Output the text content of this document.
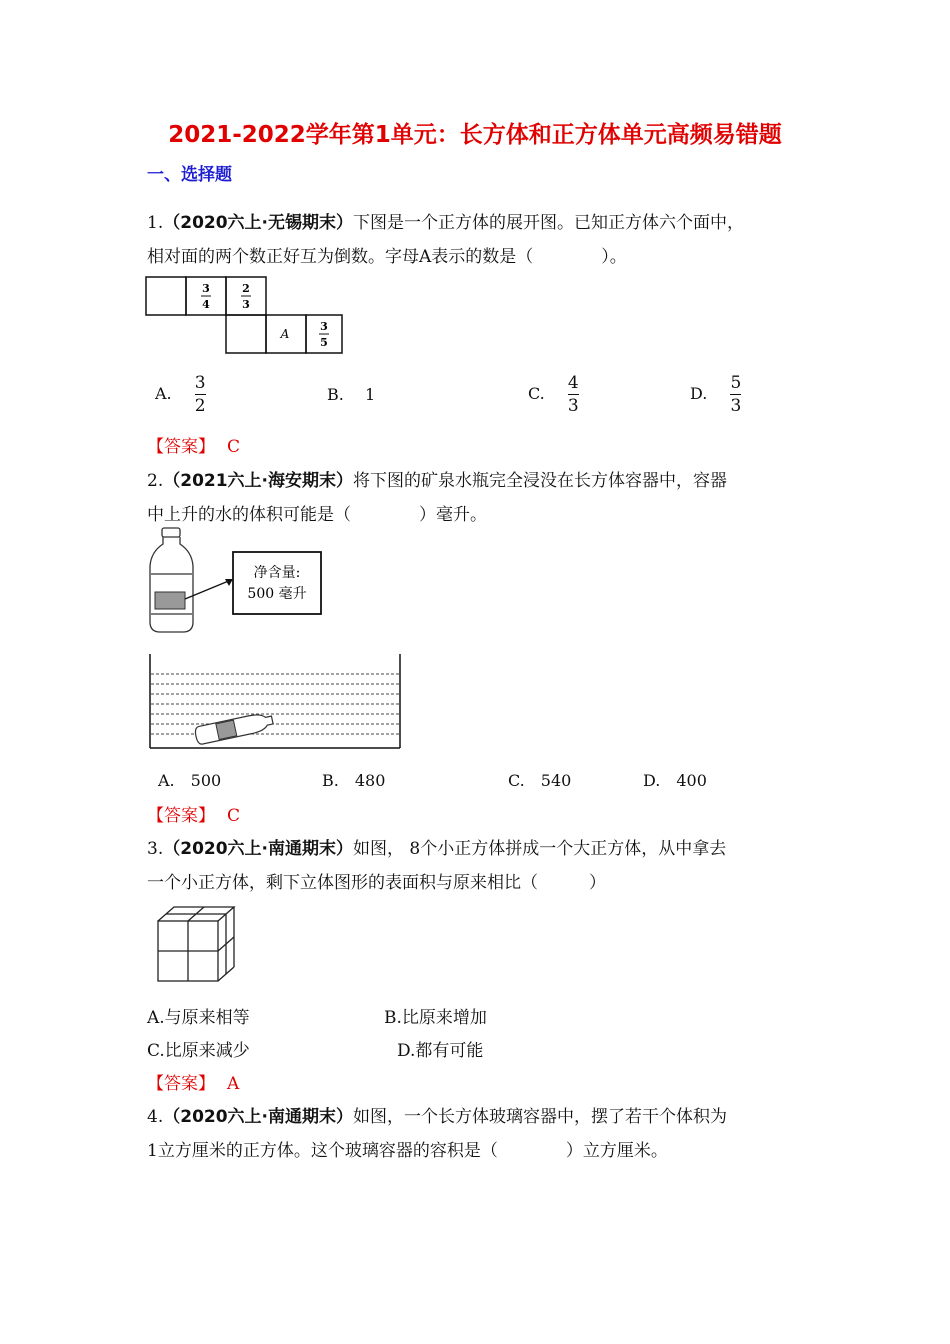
2021-2022学年第1单元：长方体和正方体单元高频易错题
一、选择题
1.（2020六上·无锡期末）下图是一个正方体的展开图。已知正方体六个面中，
相对面的两个数正好互为倒数。字母A表示的数是（　　　　）。
3
4
2
3
A
3
5
A. $\frac{3}{2}$	B. 1	C. $\frac{4}{3}$	D. $\frac{5}{3}$
【答案】 C
2.（2021六上·海安期末）将下图的矿泉水瓶完全浸没在长方体容器中，容器
中上升的水的体积可能是（　　　　）毫升。
净含量:
500 毫升
A.　500	B.　480	C.　540	D.　400
【答案】 C
3.（2020六上·南通期末）如图， 8个小正方体拼成一个大正方体，从中拿去
一个小正方体，剩下立体图形的表面积与原来相比（　　　）
A.与原来相等	B.比原来增加
C.比原来减少	D.都有可能
【答案】 A
4.（2020六上·南通期末）如图，一个长方体玻璃容器中，摆了若干个体积为
1立方厘米的正方体。这个玻璃容器的容积是（　　　　）立方厘米。
